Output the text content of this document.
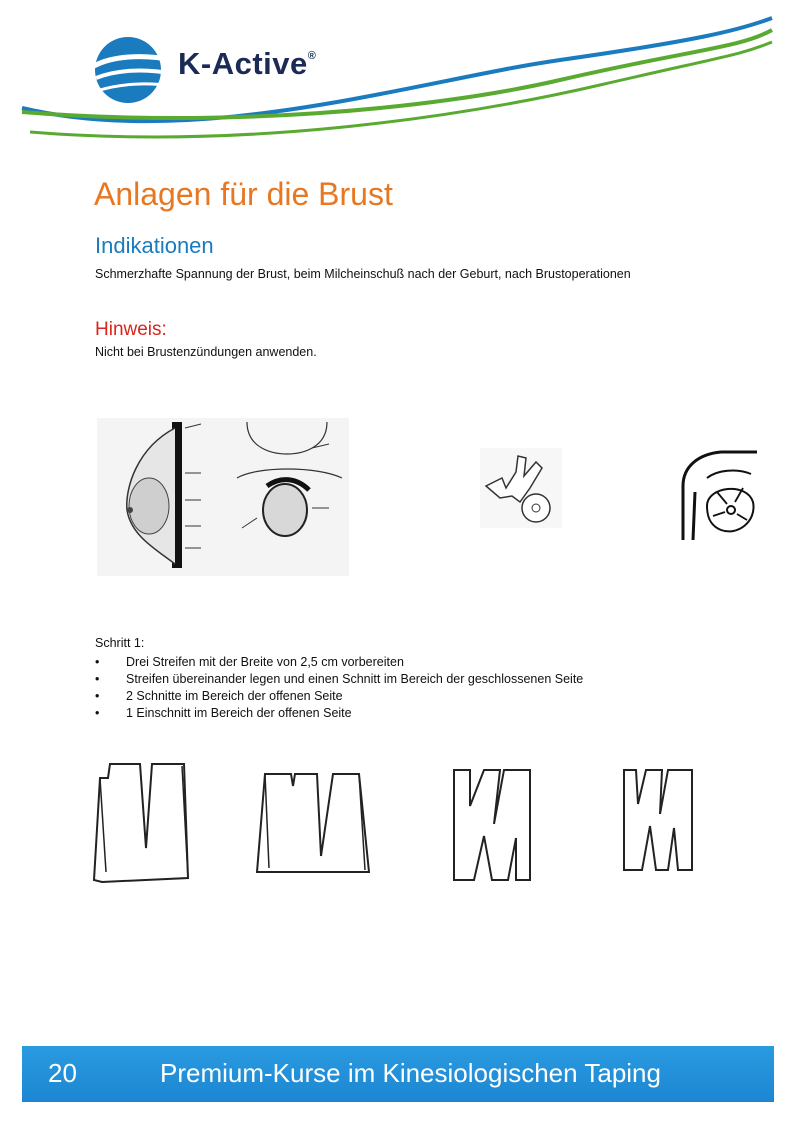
K-Active®
Anlagen für die Brust
Indikationen
Schmerzhafte Spannung der Brust, beim Milcheinschuß nach der Geburt, nach Brustoperationen
Hinweis:
Nicht bei Brustenzündungen anwenden.
Schritt 1:
• Drei Streifen mit der Breite von 2,5 cm vorbereiten
• Streifen übereinander legen und einen Schnitt im Bereich der geschlossenen Seite
• 2 Schnitte im Bereich der offenen Seite
• 1 Einschnitt im Bereich der offenen Seite
20	Premium-Kurse im Kinesiologischen Taping
